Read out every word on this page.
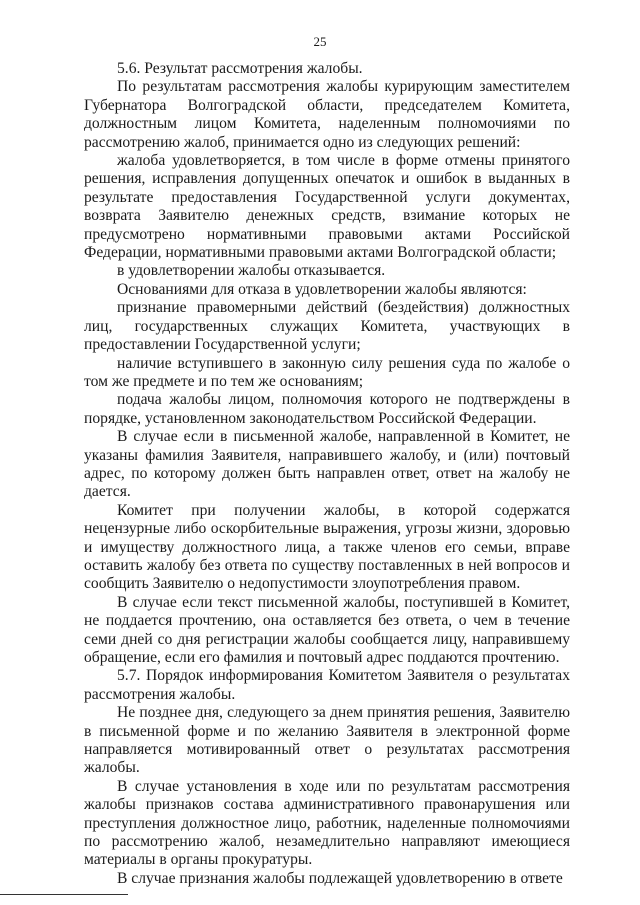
25

5.6. Результат рассмотрения жалобы.

По результатам рассмотрения жалобы курирующим заместителем Губернатора Волгоградской области, председателем Комитета, должностным лицом Комитета, наделенным полномочиями по рассмотрению жалоб, принимается одно из следующих решений:

жалоба удовлетворяется, в том числе в форме отмены принятого решения, исправления допущенных опечаток и ошибок в выданных в результате предоставления Государственной услуги документах, возврата Заявителю денежных средств, взимание которых не предусмотрено нормативными правовыми актами Российской Федерации, нормативными правовыми актами Волгоградской области;

в удовлетворении жалобы отказывается.

Основаниями для отказа в удовлетворении жалобы являются:

признание правомерными действий (бездействия) должностных лиц, государственных служащих Комитета, участвующих в предоставлении Государственной услуги;

наличие вступившего в законную силу решения суда по жалобе о том же предмете и по тем же основаниям;

подача жалобы лицом, полномочия которого не подтверждены в порядке, установленном законодательством Российской Федерации.

В случае если в письменной жалобе, направленной в Комитет, не указаны фамилия Заявителя, направившего жалобу, и (или) почтовый адрес, по которому должен быть направлен ответ, ответ на жалобу не дается.

Комитет при получении жалобы, в которой содержатся нецензурные либо оскорбительные выражения, угрозы жизни, здоровью и имуществу должностного лица, а также членов его семьи, вправе оставить жалобу без ответа по существу поставленных в ней вопросов и сообщить Заявителю о недопустимости злоупотребления правом.

В случае если текст письменной жалобы, поступившей в Комитет, не поддается прочтению, она оставляется без ответа, о чем в течение семи дней со дня регистрации жалобы сообщается лицу, направившему обращение, если его фамилия и почтовый адрес поддаются прочтению.

5.7. Порядок информирования Комитетом Заявителя о результатах рассмотрения жалобы.

Не позднее дня, следующего за днем принятия решения, Заявителю в письменной форме и по желанию Заявителя в электронной форме направляется мотивированный ответ о результатах рассмотрения жалобы.

В случае установления в ходе или по результатам рассмотрения жалобы признаков состава административного правонарушения или преступления должностное лицо, работник, наделенные полномочиями по рассмотрению жалоб, незамедлительно направляют имеющиеся материалы в органы прокуратуры.

В случае признания жалобы подлежащей удовлетворению в ответе
